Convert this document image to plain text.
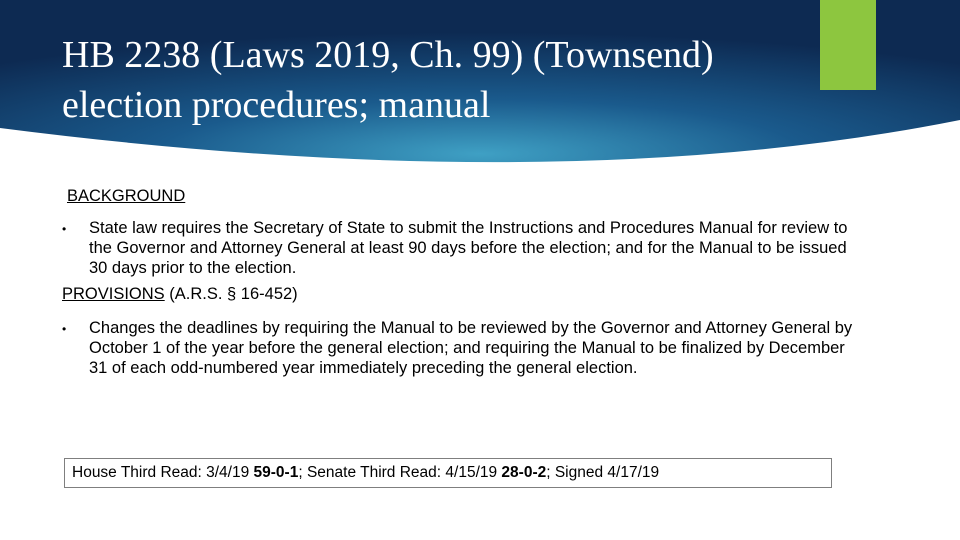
HB 2238 (Laws 2019, Ch. 99) (Townsend)
election procedures; manual

BACKGROUND

• State law requires the Secretary of State to submit the Instructions and Procedures Manual for review to the Governor and Attorney General at least 90 days before the election; and for the Manual to be issued 30 days prior to the election.

PROVISIONS (A.R.S. § 16-452)

• Changes the deadlines by requiring the Manual to be reviewed by the Governor and Attorney General by October 1 of the year before the general election; and requiring the Manual to be finalized by December 31 of each odd-numbered year immediately preceding the general election.
House Third Read: 3/4/19 59-0-1; Senate Third Read: 4/15/19 28-0-2; Signed 4/17/19
